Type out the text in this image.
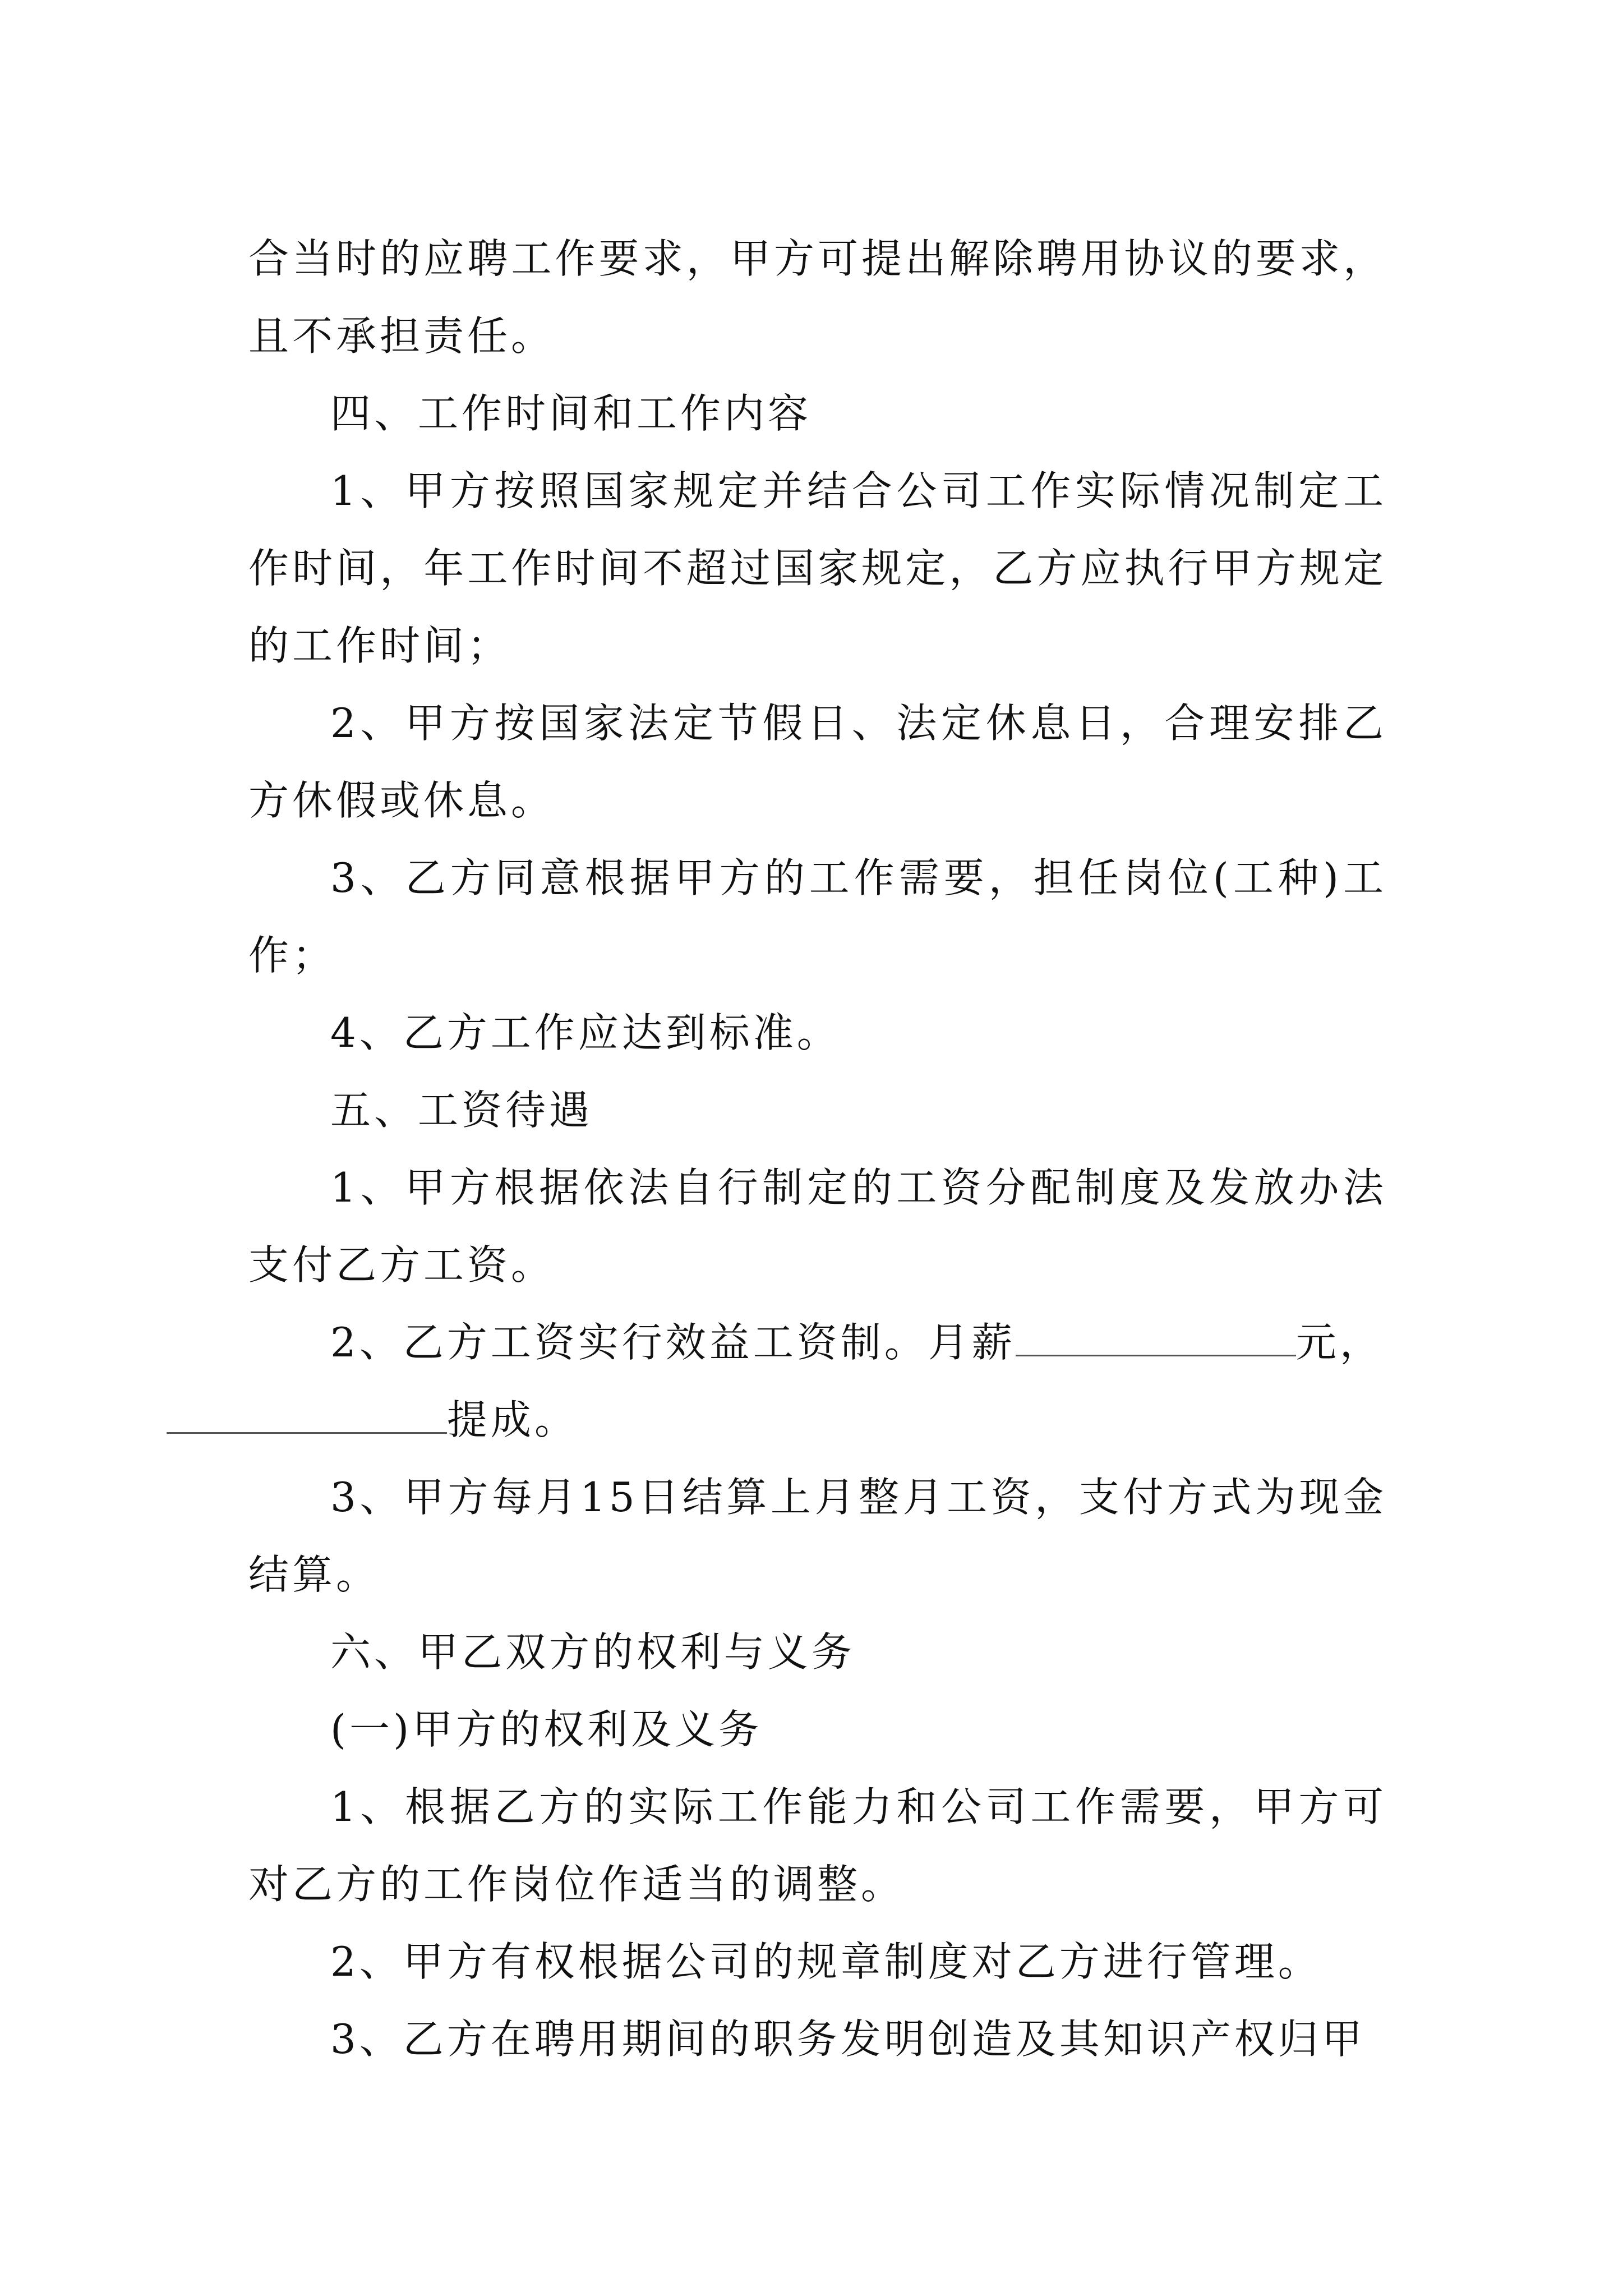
合当时的应聘工作要求，甲方可提出解除聘用协议的要求，且不承担责任。

四、工作时间和工作内容

1、甲方按照国家规定并结合公司工作实际情况制定工作时间，年工作时间不超过国家规定，乙方应执行甲方规定的工作时间；

2、甲方按国家法定节假日、法定休息日，合理安排乙方休假或休息。

3、乙方同意根据甲方的工作需要，担任岗位(工种)工作；

4、乙方工作应达到标准。

五、工资待遇

1、甲方根据依法自行制定的工资分配制度及发放办法支付乙方工资。

2、乙方工资实行效益工资制。月薪	元，
提成。

3、甲方每月15日结算上月整月工资，支付方式为现金结算。

六、甲乙双方的权利与义务

(一)甲方的权利及义务

1、根据乙方的实际工作能力和公司工作需要，甲方可对乙方的工作岗位作适当的调整。

2、甲方有权根据公司的规章制度对乙方进行管理。

3、乙方在聘用期间的职务发明创造及其知识产权归甲
